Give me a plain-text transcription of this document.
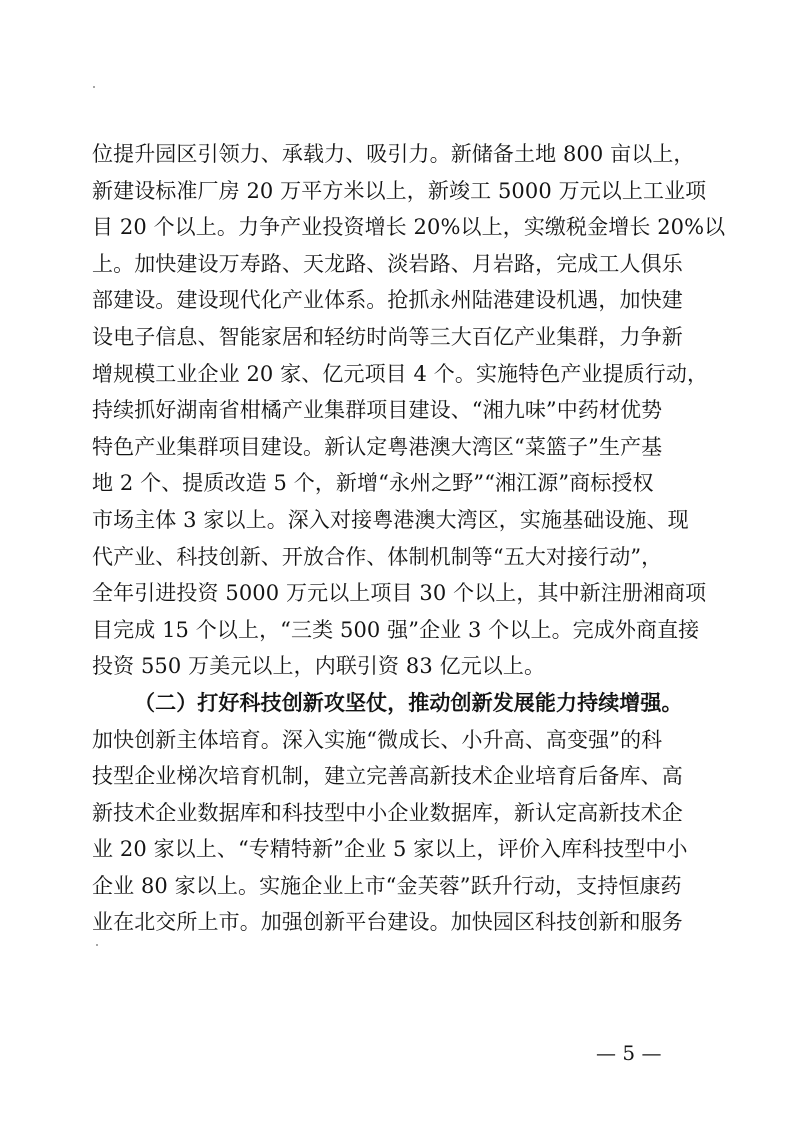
位提升园区引领力、承载力、吸引力。新储备土地 800 亩以上，
新建设标准厂房 20 万平方米以上，新竣工 5000 万元以上工业项
目 20 个以上。力争产业投资增长 20%以上，实缴税金增长 20%以
上。加快建设万寿路、天龙路、淡岩路、月岩路，完成工人俱乐
部建设。建设现代化产业体系。抢抓永州陆港建设机遇，加快建
设电子信息、智能家居和轻纺时尚等三大百亿产业集群，力争新
增规模工业企业 20 家、亿元项目 4 个。实施特色产业提质行动，
持续抓好湖南省柑橘产业集群项目建设、“湘九味”中药材优势
特色产业集群项目建设。新认定粤港澳大湾区“菜篮子”生产基
地 2 个、提质改造 5 个，新增“永州之野”“湘江源”商标授权
市场主体 3 家以上。深入对接粤港澳大湾区，实施基础设施、现
代产业、科技创新、开放合作、体制机制等“五大对接行动”，
全年引进投资 5000 万元以上项目 30 个以上，其中新注册湘商项
目完成 15 个以上，“三类 500 强”企业 3 个以上。完成外商直接
投资 550 万美元以上，内联引资 83 亿元以上。
（二）打好科技创新攻坚仗，推动创新发展能力持续增强。
加快创新主体培育。深入实施“微成长、小升高、高变强”的科
技型企业梯次培育机制，建立完善高新技术企业培育后备库、高
新技术企业数据库和科技型中小企业数据库，新认定高新技术企
业 20 家以上、“专精特新”企业 5 家以上，评价入库科技型中小
企业 80 家以上。实施企业上市“金芙蓉”跃升行动，支持恒康药
业在北交所上市。加强创新平台建设。加快园区科技创新和服务
— 5 —
